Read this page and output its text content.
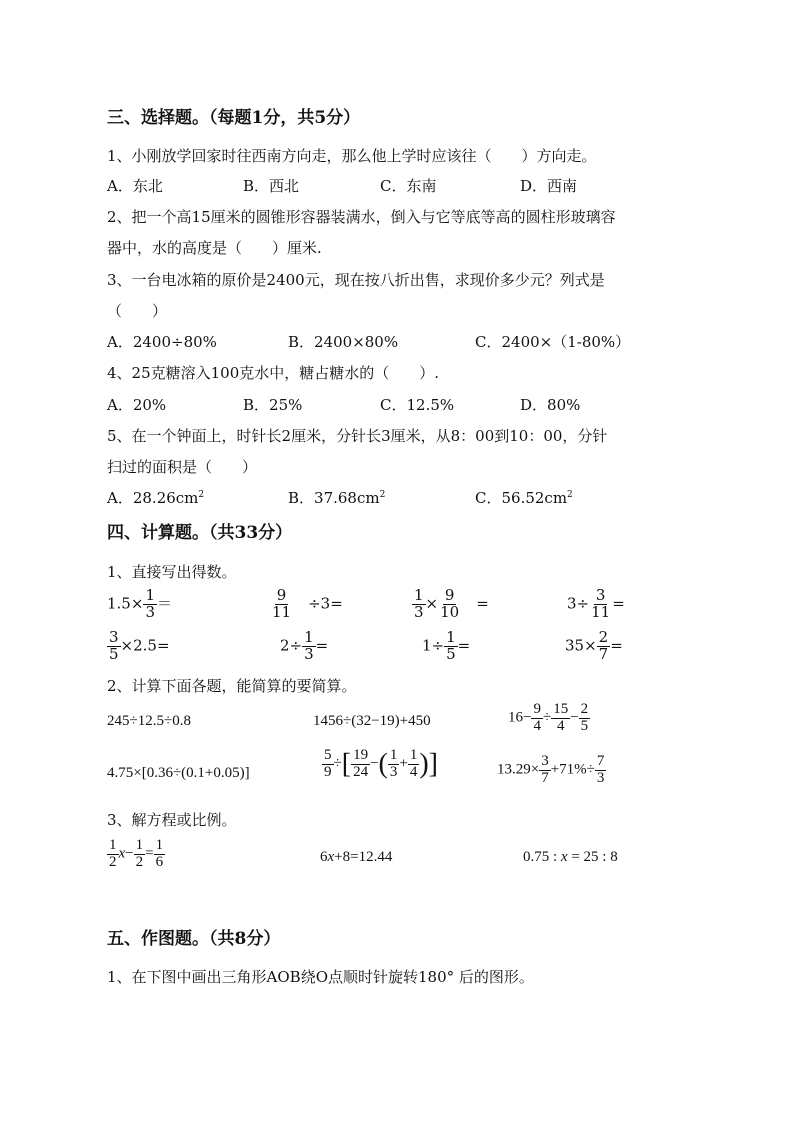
三、选择题。（每题1分，共5分）
1、小刚放学回家时往西南方向走，那么他上学时应该往（　　）方向走。
A．东北	B．西北	C．东南	D．西南
2、把一个高15厘米的圆锥形容器装满水，倒入与它等底等高的圆柱形玻璃容
器中，水的高度是（　　）厘米.
3、一台电冰箱的原价是2400元，现在按八折出售，求现价多少元？列式是
（　　）
A．2400÷80%	B．2400×80%	C．2400×（1-80%）
4、25克糖溶入100克水中，糖占糖水的（　　）.
A．20%	B．25%	C．12.5%	D．80%
5、在一个钟面上，时针长2厘米，分针长3厘米，从8：00到10：00，分针
扫过的面积是（　　）
A．$28.26cm^2$	B．$37.68cm^2$	C．$56.52cm^2$
四、计算题。（共33分）
1、直接写出得数。
$1.5\times \frac{1}{3}$ ＝	$\frac{9}{11}$ 　÷3=	$\frac{1}{3} \times \frac{9}{10}$ 　=	$3\div \frac{3}{11}$ =
$\frac{3}{5} \times 2.5=$	$2\div \frac{1}{3}$ =	$1\div \frac{1}{5}$ =	$35\times \frac{2}{7}$ =
2、计算下面各题，能简算的要简算。
245÷12.5÷0.8	1456÷(32−19)+450	$16- \frac{9}{4} \div \frac{15}{4} - \frac{2}{5}$
4.75×[0.36÷(0.1+0.05)]	$\frac{5}{9}$ ÷[ $\frac{19}{24}$ −( $\frac{1}{3} + \frac{1}{4}$ )]	$13.29\times \frac{3}{7} +71\%\div \frac{7}{3}$
3、解方程或比例。
$\frac{1}{2} x- \frac{1}{2} = \frac{1}{6}$	6x+8=12.44	0.75 : x = 25 : 8
五、作图题。（共8分）
1、在下图中画出三角形AOB绕O点顺时针旋转180° 后的图形。
